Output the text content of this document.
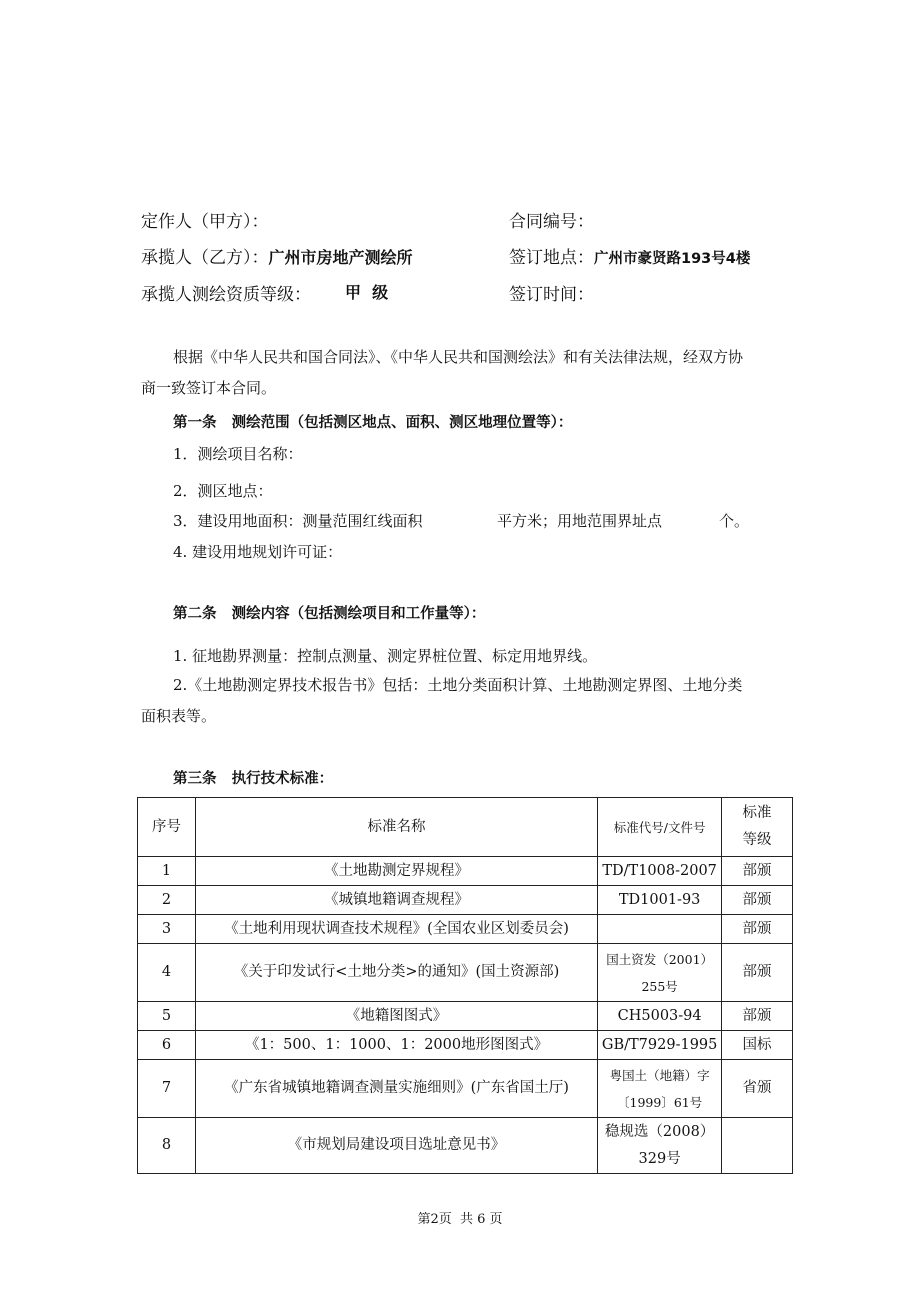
定作人（甲方）：	合同编号：
承揽人（乙方）：广州市房地产测绘所	签订地点：广州市豪贤路193号4楼
承揽人测绘资质等级： 甲  级	签订时间：
根据《中华人民共和国合同法》、《中华人民共和国测绘法》和有关法律法规，经双方协
商一致签订本合同。
第一条   测绘范围（包括测区地点、面积、测区地理位置等）：
1．测绘项目名称：
2．测区地点：
3．建设用地面积：测量范围红线面积	平方米；用地范围界址点	个。
4. 建设用地规划许可证：
第二条   测绘内容（包括测绘项目和工作量等）：
1. 征地勘界测量：控制点测量、测定界桩位置、标定用地界线。
2.《土地勘测定界技术报告书》包括：土地分类面积计算、土地勘测定界图、土地分类
面积表等。
第三条   执行技术标准：
序号	标准名称	标准代号/文件号	标准
等级

1	《土地勘测定界规程》	TD/T1008-2007	部颁
2	《城镇地籍调查规程》	TD1001-93	部颁
3	《土地利用现状调查技术规程》(全国农业区划委员会)		部颁
4	《关于印发试行<土地分类>的通知》(国土资源部)	国土资发（2001）
255号	部颁
5	《地籍图图式》	CH5003-94	部颁
6	《1：500、1：1000、1：2000地形图图式》	GB/T7929-1995	国标
7	《广东省城镇地籍调查测量实施细则》(广东省国土厅)	粤国土（地籍）字
〔1999〕61号	省颁
8	《市规划局建设项目选址意见书》	稳规选（2008）
329号	

第2页  共 6 页
